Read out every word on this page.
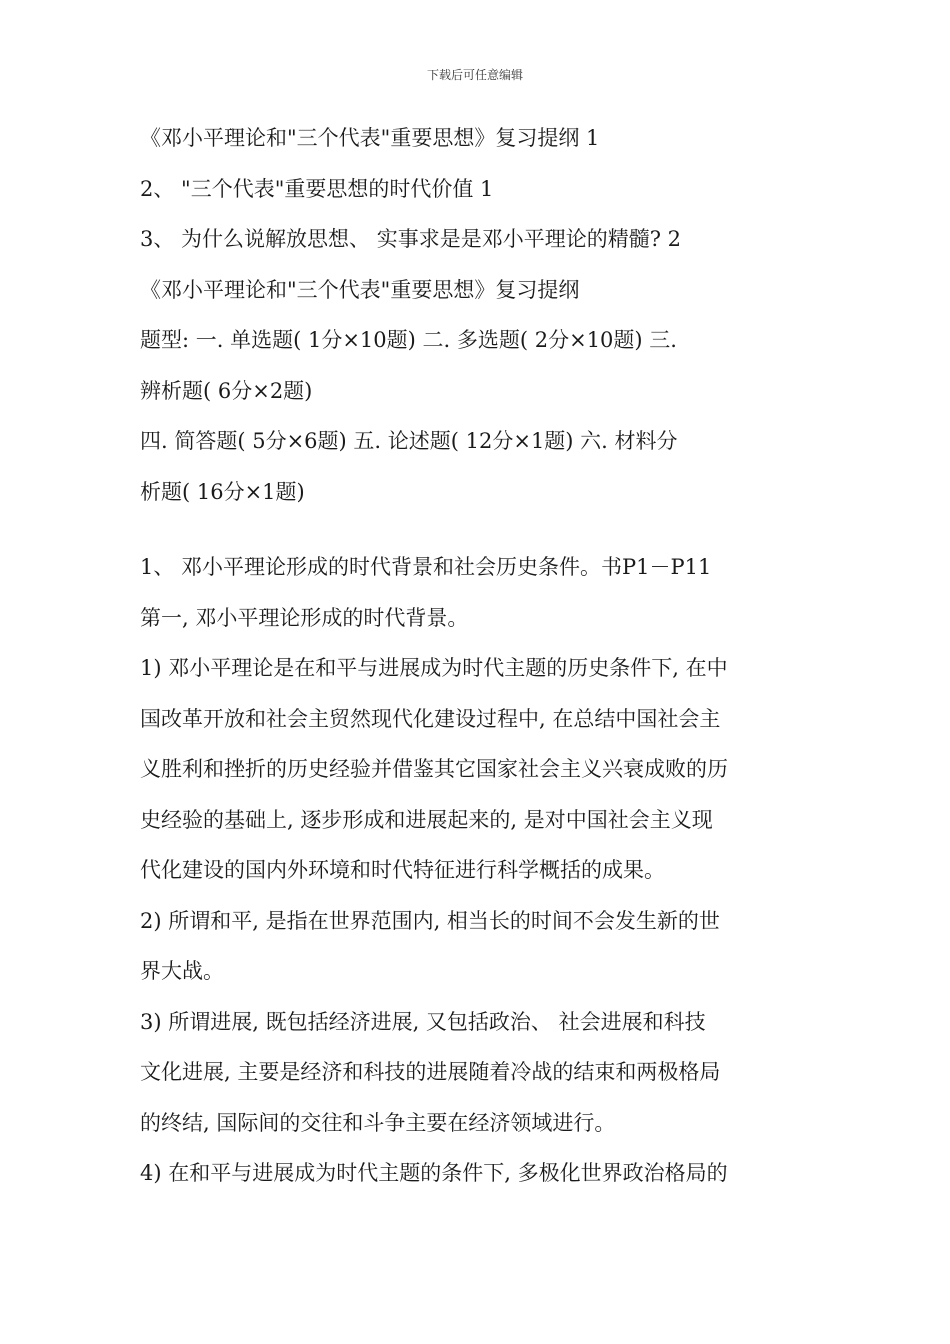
下载后可任意编辑
《邓小平理论和"三个代表"重要思想》复习提纲 1
2、 "三个代表"重要思想的时代价值 1
3、 为什么说解放思想、 实事求是是邓小平理论的精髓? 2
《邓小平理论和"三个代表"重要思想》复习提纲
题型: 一. 单选题( 1分×10题) 二. 多选题( 2分×10题) 三.
辨析题( 6分×2题)
四. 简答题( 5分×6题) 五. 论述题( 12分×1题) 六. 材料分
析题( 16分×1题)
1、 邓小平理论形成的时代背景和社会历史条件。书P1－P11
第一, 邓小平理论形成的时代背景。
1) 邓小平理论是在和平与进展成为时代主题的历史条件下, 在中
国改革开放和社会主贸然现代化建设过程中, 在总结中国社会主
义胜利和挫折的历史经验并借鉴其它国家社会主义兴衰成败的历
史经验的基础上, 逐步形成和进展起来的, 是对中国社会主义现
代化建设的国内外环境和时代特征进行科学概括的成果。
2) 所谓和平, 是指在世界范围内, 相当长的时间不会发生新的世
界大战。
3) 所谓进展, 既包括经济进展, 又包括政治、 社会进展和科技
文化进展, 主要是经济和科技的进展随着冷战的结束和两极格局
的终结, 国际间的交往和斗争主要在经济领域进行。
4) 在和平与进展成为时代主题的条件下, 多极化世界政治格局的
